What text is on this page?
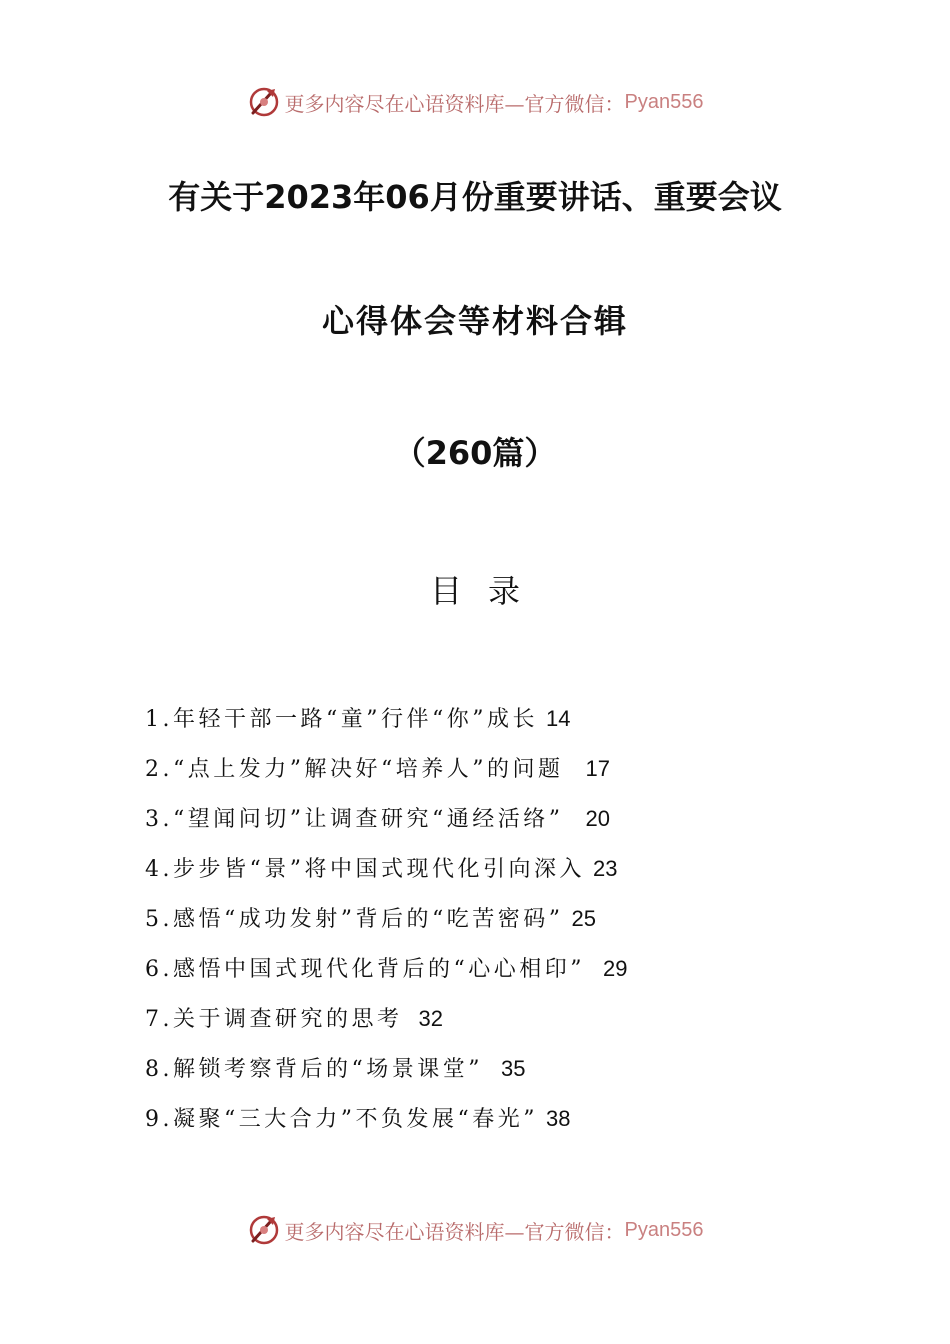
更多内容尽在心语资料库—官方微信： Pyan556
有关于2023年06月份重要讲话、重要会议
心得体会等材料合辑
（260篇）
目录
1.年轻干部一路“童”行伴“你”成长 14
2.“点上发力”解决好“培养人”的问题 17
3.“望闻问切”让调查研究“通经活络” 20
4.步步皆“景”将中国式现代化引向深入 23
5.感悟“成功发射”背后的“吃苦密码” 25
6.感悟中国式现代化背后的“心心相印” 29
7.关于调查研究的思考 32
8.解锁考察背后的“场景课堂” 35
9.凝聚“三大合力”不负发展“春光” 38
更多内容尽在心语资料库—官方微信： Pyan556
